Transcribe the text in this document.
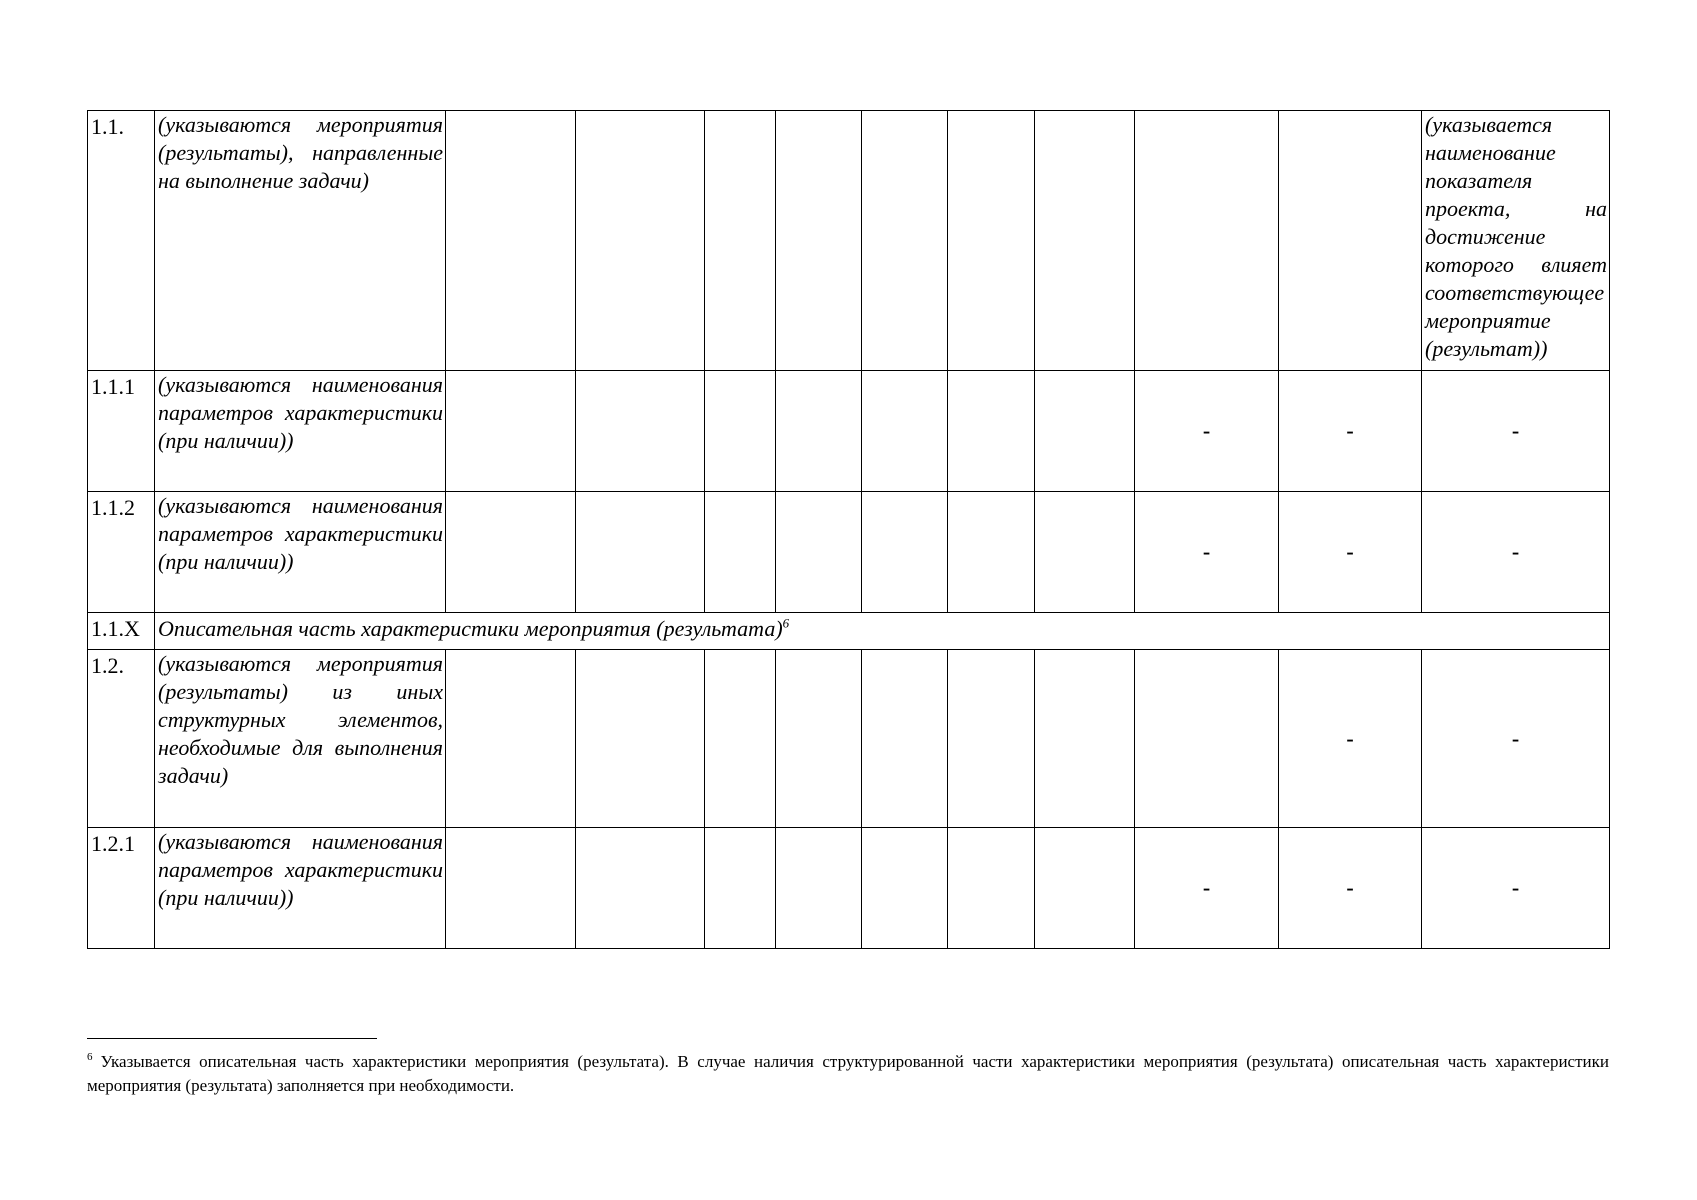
1.1.	(указываются мероприятия (результаты), направленные на выполнение задачи)										(указывается наименование показателя проекта, на достижение которого влияет соответствующее мероприятие (результат))
1.1.1	(указываются наименования параметров характеристики (при наличии))								-	-	-
1.1.2	(указываются наименования параметров характеристики (при наличии))								-	-	-
1.1.X	Описательная часть характеристики мероприятия (результата)$^6$
1.2.	(указываются мероприятия (результаты) из иных структурных элементов, необходимые для выполнения задачи)									-	-
1.2.1	(указываются наименования параметров характеристики (при наличии))								-	-	-
$^6$ Указывается описательная часть характеристики мероприятия (результата). В случае наличия структурированной части характеристики мероприятия (результата) описательная часть характеристики мероприятия (результата) заполняется при необходимости.
